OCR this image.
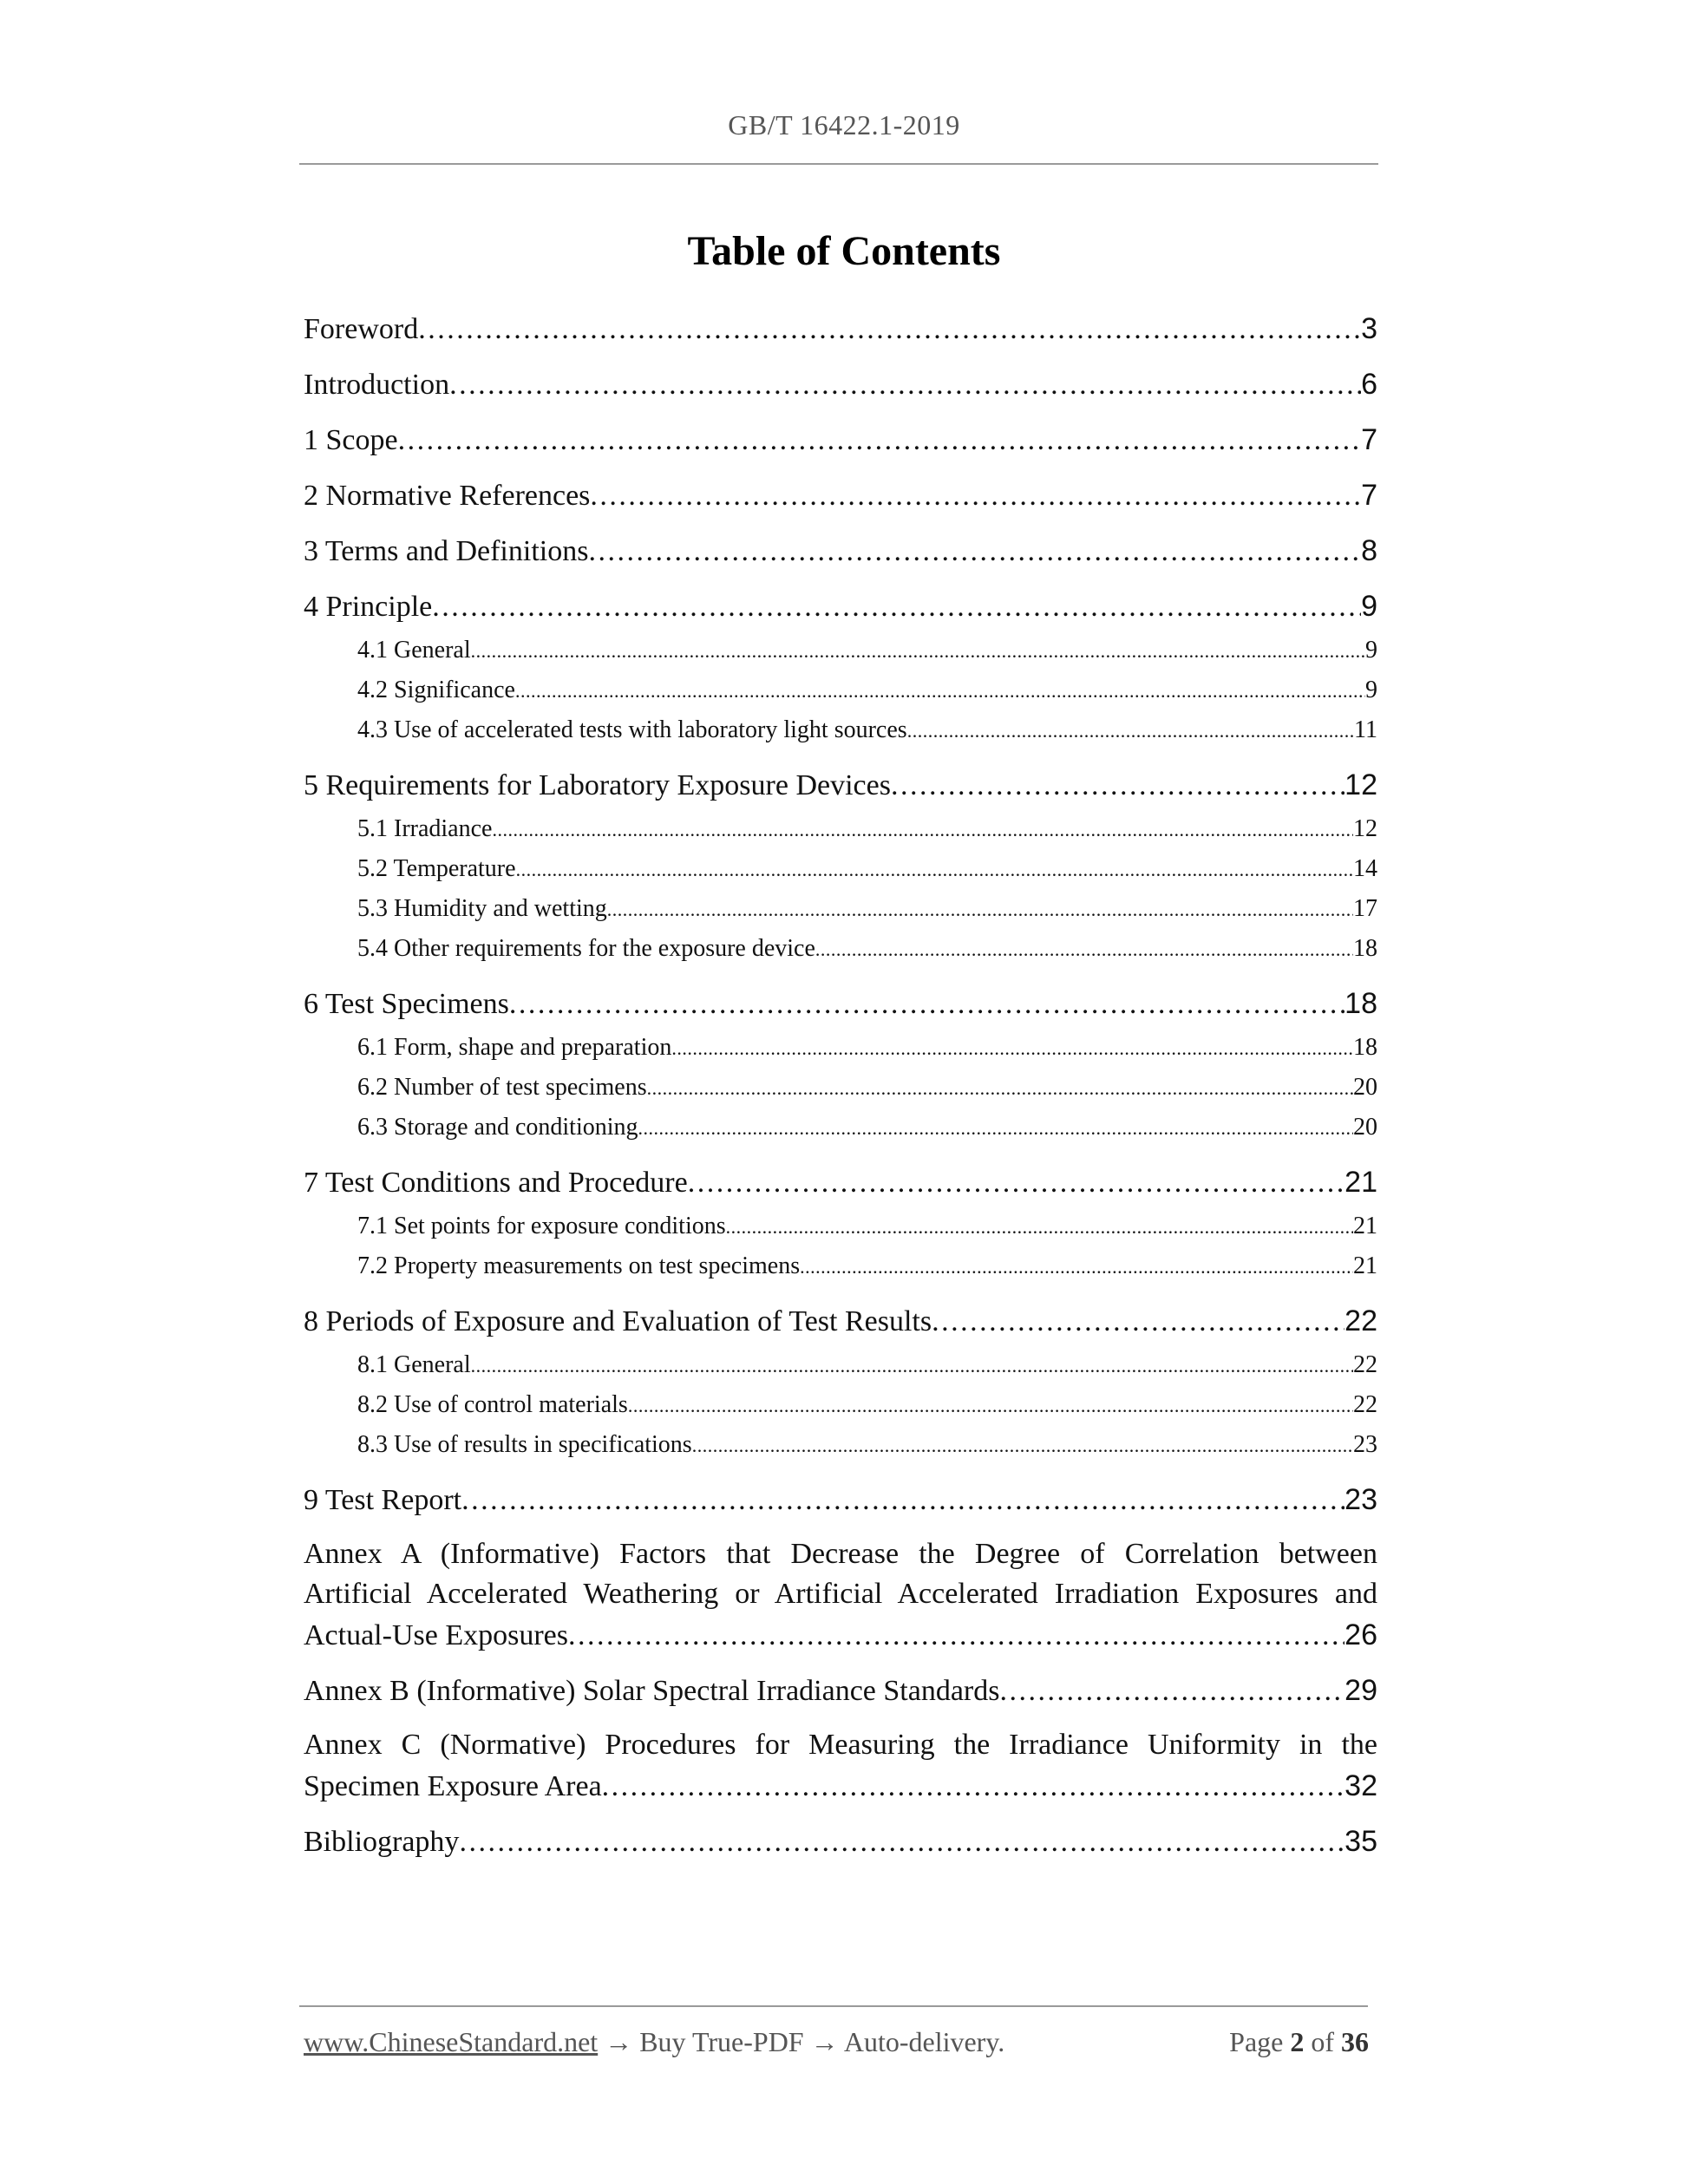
GB/T 16422.1-2019
Table of Contents
Foreword . . .	3
Introduction . . .	6
1 Scope . . .	7
2 Normative References . . .	7
3 Terms and Definitions . . .	8
4 Principle . . .	9
4.1 General . . .	9
4.2 Significance . . .	9
4.3 Use of accelerated tests with laboratory light sources . . .	11
5 Requirements for Laboratory Exposure Devices . . .	12
5.1 Irradiance . . .	12
5.2 Temperature . . .	14
5.3 Humidity and wetting . . .	17
5.4 Other requirements for the exposure device . . .	18
6 Test Specimens . . .	18
6.1 Form, shape and preparation . . .	18
6.2 Number of test specimens . . .	20
6.3 Storage and conditioning . . .	20
7 Test Conditions and Procedure . . .	21
7.1 Set points for exposure conditions . . .	21
7.2 Property measurements on test specimens . . .	21
8 Periods of Exposure and Evaluation of Test Results . . .	22
8.1 General . . .	22
8.2 Use of control materials . . .	22
8.3 Use of results in specifications . . .	23
9 Test Report . . .	23
Annex A (Informative) Factors that Decrease the Degree of Correlation between
Artificial Accelerated Weathering or Artificial Accelerated Irradiation Exposures and
Actual-Use Exposures . . .	26
Annex B (Informative) Solar Spectral Irradiance Standards . . .	29
Annex C (Normative) Procedures for Measuring the Irradiance Uniformity in the
Specimen Exposure Area . . .	32
Bibliography . . .	35
www.ChineseStandard.net → Buy True-PDF → Auto-delivery.	Page 2 of 36
